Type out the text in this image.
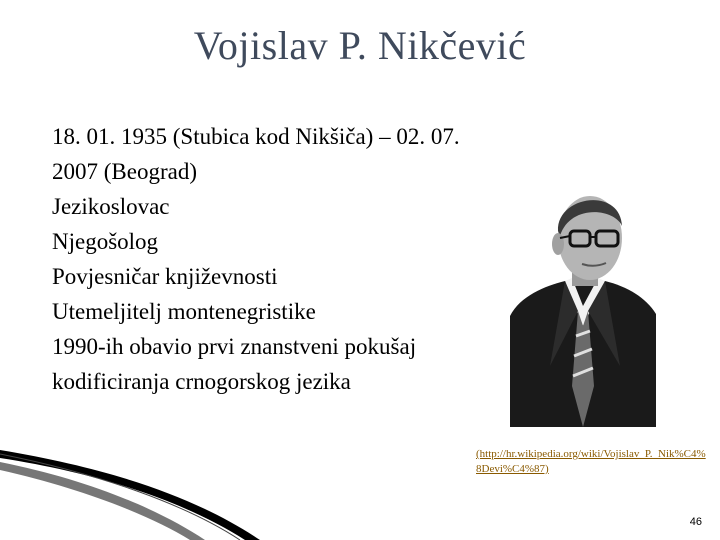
Vojislav P. Nikčević
18. 01. 1935 (Stubica kod Nikšiča) – 02. 07. 2007 (Beograd)
Jezikoslovac
Njegošolog
Povjesničar književnosti
Utemeljitelj montenegristike
1990-ih obavio prvi znanstveni pokušaj kodificiranja crnogorskog jezika
(http://hr.wikipedia.org/wiki/Vojislav_P._Nik%C4%8Devi%C4%87)
46
